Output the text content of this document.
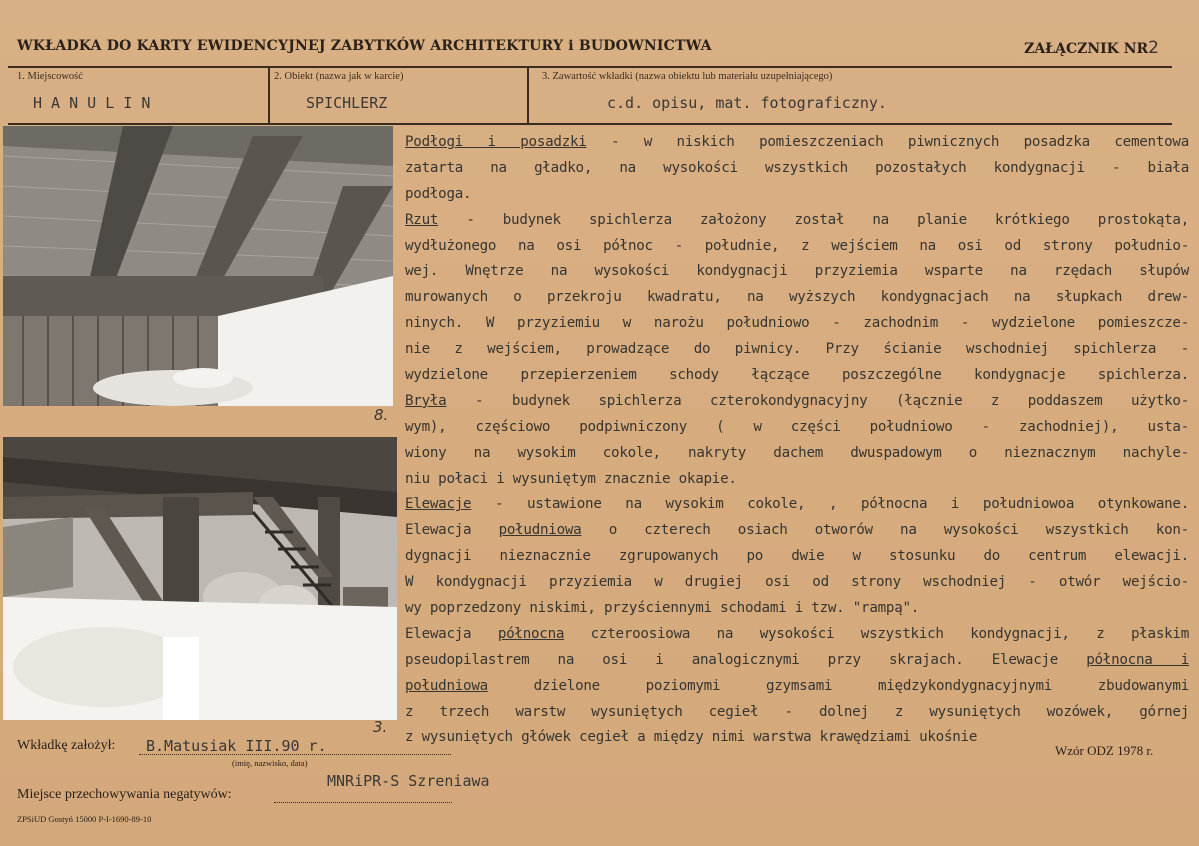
WKŁADKA DO KARTY EWIDENCYJNEJ ZABYTKÓW ARCHITEKTURY i BUDOWNICTWA	ZAŁĄCZNIK NR2
1. Miejscowość
H A N U L I N
2. Obiekt (nazwa jak w karcie)
SPICHLERZ
3. Zawartość wkładki (nazwa obiektu lub materiału uzupełniającego)
c.d. opisu, mat. fotograficzny.
8.
3.
Podłogi i posadzki - w niskich pomieszczeniach piwnicznych posadzka cementowa
zatarta na gładko, na wysokości wszystkich pozostałych kondygnacji - biała
podłoga.
Rzut - budynek spichlerza założony został na planie krótkiego prostokąta,
wydłużonego na osi północ - południe, z wejściem na osi od strony południo-
wej. Wnętrze na wysokości kondygnacji przyziemia wsparte na rzędach słupów
murowanych o przekroju kwadratu, na wyższych kondygnacjach na słupkach drew-
ninych. W przyziemiu w narożu południowo - zachodnim - wydzielone pomieszcze-
nie z wejściem, prowadzące do piwnicy. Przy ścianie wschodniej spichlerza -
wydzielone przepierzeniem schody łączące poszczególne kondygnacje spichlerza.
Bryła - budynek spichlerza czterokondygnacyjny (łącznie z poddaszem użytko-
wym), częściowo podpiwniczony ( w części południowo - zachodniej), usta-
wiony na wysokim cokole, nakryty dachem dwuspadowym o nieznacznym nachyle-
niu połaci i wysuniętym znacznie okapie.
Elewacje - ustawione na wysokim cokole, , północna i południowoa otynkowane.
Elewacja południowa o czterech osiach otworów na wysokości wszystkich kon-
dygnacji nieznacznie zgrupowanych po dwie w stosunku do centrum elewacji.
W kondygnacji przyziemia w drugiej osi od strony wschodniej - otwór wejścio-
wy poprzedzony niskimi, przyściennymi schodami i tzw. "rampą".
Elewacja północna czteroosiowa na wysokości wszystkich kondygnacji, z płaskim
pseudopilastrem na osi i analogicznymi przy skrajach. Elewacje północna i
południowa dzielone poziomymi gzymsami międzykondygnacyjnymi zbudowanymi
z trzech warstw wysuniętych cegieł - dolnej z wysuniętych wozówek, górnej
z wysuniętych główek cegieł a między nimi warstwa krawędziami ukośnie
Wkładkę założył: B.Matusiak III.90 r.
(imię, nazwisko, data)
Wzór ODZ 1978 r.
MNRiPR-S Szreniawa
Miejsce przechowywania negatywów:
ZPSiUD Gostyń 15000 P-I-1690-89-10
